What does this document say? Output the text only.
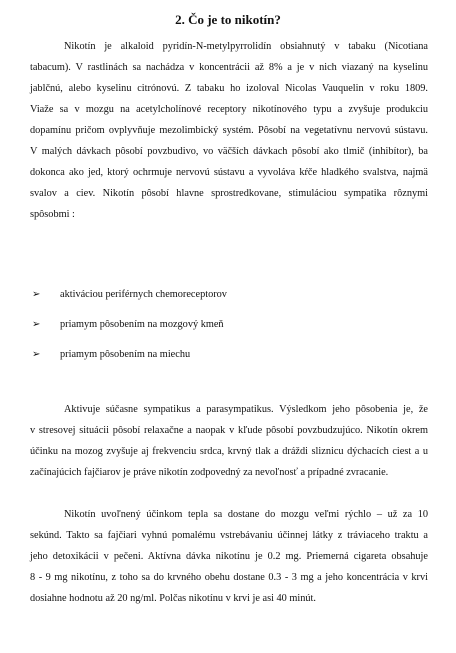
2. Čo je to nikotín?
Nikotín je alkaloid pyridín-N-metylpyrrolidín obsiahnutý v tabaku (Nicotiana
tabacum). V rastlinách sa nachádza v koncentrácii až 8% a je v nich viazaný na kyselinu
jablčnú, alebo kyselinu citrónovú. Z tabaku ho izoloval Nicolas Vauquelin v roku 1809.
Viaže sa v mozgu na acetylcholínové receptory nikotínového typu a zvyšuje produkciu
dopamínu pričom ovplyvňuje mezolimbický systém. Pôsobí na vegetatívnu nervovú sústavu.
V malých dávkach pôsobí povzbudivo, vo väčších dávkach pôsobí ako tlmič (inhibítor), ba
dokonca ako jed, ktorý ochrmuje nervovú sústavu a vyvoláva kŕče hladkého svalstva, najmä
svalov a ciev. Nikotín pôsobí hlavne sprostredkovane, stimuláciou sympatika rôznymi
spôsobmi :
➢	aktiváciou periférnych chemoreceptorov
➢	priamym pôsobením na mozgový kmeň
➢	priamym pôsobením na miechu
Aktivuje súčasne sympatikus a parasympatikus. Výsledkom jeho pôsobenia je, že
v stresovej situácii pôsobí relaxačne a naopak v kľude pôsobí povzbudzujúco. Nikotín okrem
účinku na mozog zvyšuje aj frekvenciu srdca, krvný tlak a dráždi sliznicu dýchacích ciest a u
začínajúcich fajčiarov je práve nikotín zodpovedný za nevoľnosť a prípadné zvracanie.
Nikotín uvoľnený účinkom tepla sa dostane do mozgu veľmi rýchlo – už za 10
sekúnd. Takto sa fajčiari vyhnú pomalému vstrebávaniu účinnej látky z tráviaceho traktu a
jeho detoxikácii v pečeni. Aktívna dávka nikotínu je 0.2 mg. Priemerná cigareta obsahuje
8 - 9 mg nikotínu, z toho sa do krvného obehu dostane 0.3 - 3 mg a jeho koncentrácia v krvi
dosiahne hodnotu až 20 ng/ml. Polčas nikotínu v krvi je asi 40 minút.
